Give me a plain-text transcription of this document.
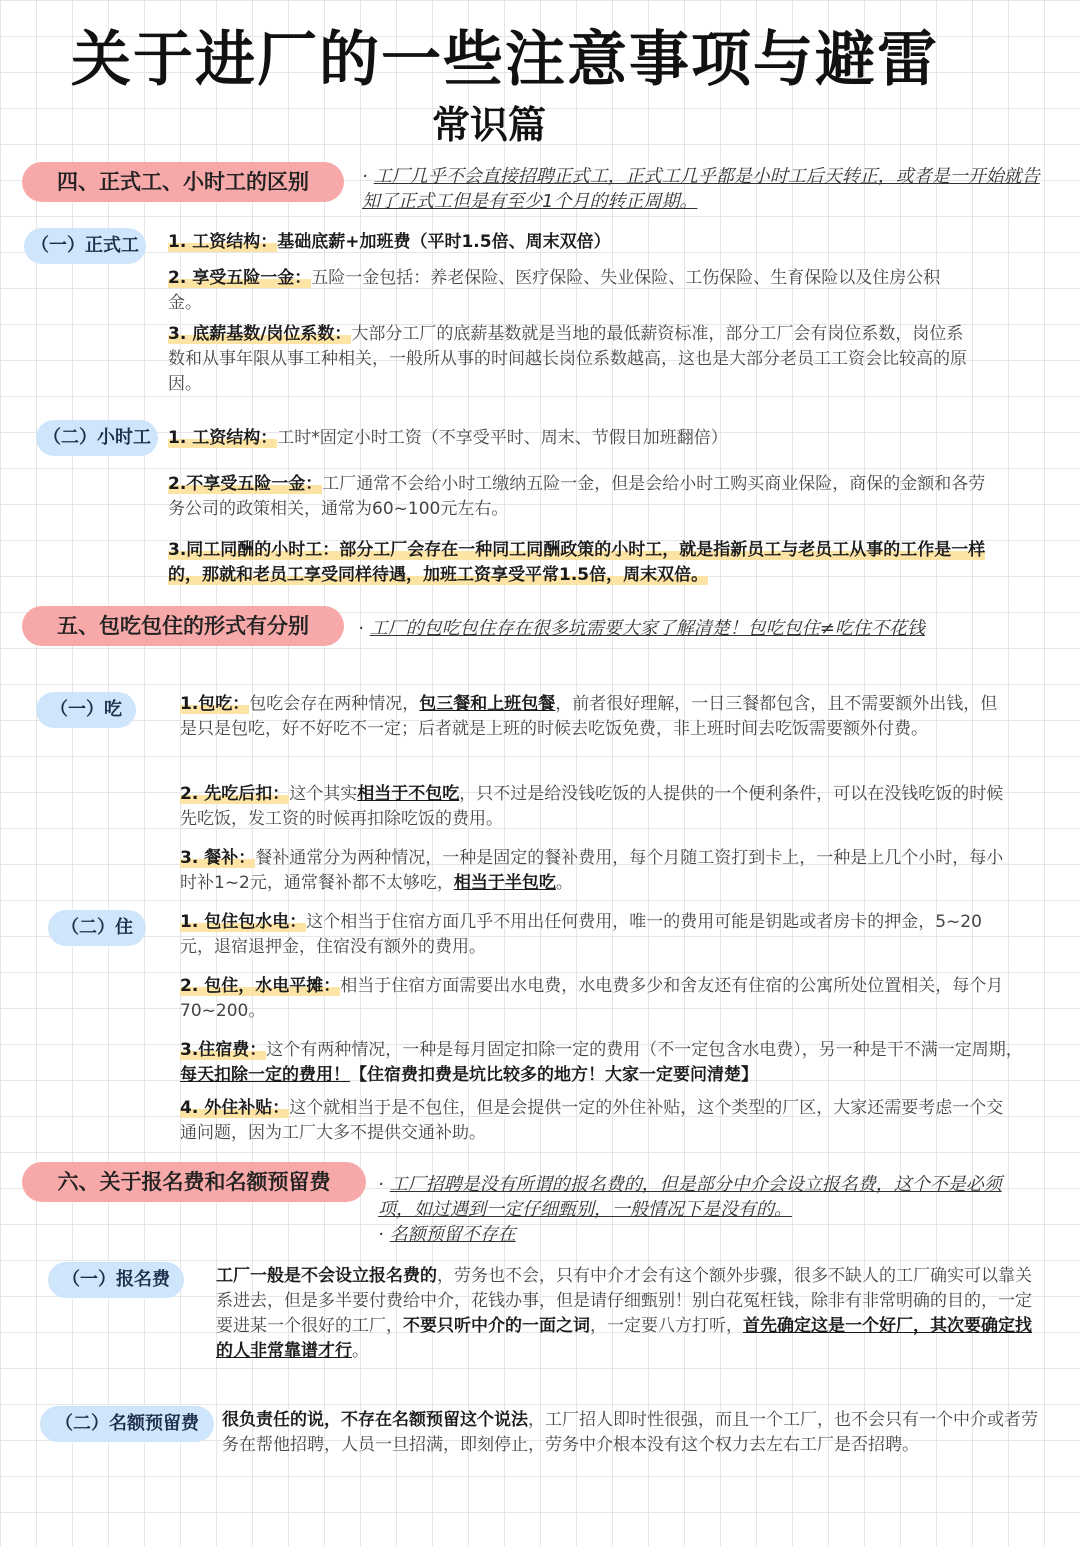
关于进厂的一些注意事项与避雷
常识篇
四、正式工、小时工的区别	· 工厂几乎不会直接招聘正式工，正式工几乎都是小时工后天转正，或者是一开始就告知了正式工但是有至少1个月的转正周期。
（一）正式工	1. 工资结构：基础底薪+加班费（平时1.5倍、周末双倍）
2. 享受五险一金：五险一金包括：养老保险、医疗保险、失业保险、工伤保险、生育保险以及住房公积金。
3. 底薪基数/岗位系数：大部分工厂的底薪基数就是当地的最低薪资标准，部分工厂会有岗位系数，岗位系数和从事年限从事工种相关，一般所从事的时间越长岗位系数越高，这也是大部分老员工工资会比较高的原因。
（二）小时工	1. 工资结构：工时*固定小时工资（不享受平时、周末、节假日加班翻倍）
2.不享受五险一金：工厂通常不会给小时工缴纳五险一金，但是会给小时工购买商业保险，商保的金额和各劳务公司的政策相关，通常为60~100元左右。
3.同工同酬的小时工：部分工厂会存在一种同工同酬政策的小时工，就是指新员工与老员工从事的工作是一样的，那就和老员工享受同样待遇，加班工资享受平常1.5倍，周末双倍。
五、包吃包住的形式有分别	· 工厂的包吃包住存在很多坑需要大家了解清楚！包吃包住≠吃住不花钱
（一）吃	1.包吃：包吃会存在两种情况，包三餐和上班包餐，前者很好理解，一日三餐都包含，且不需要额外出钱，但是只是包吃，好不好吃不一定；后者就是上班的时候去吃饭免费，非上班时间去吃饭需要额外付费。
2. 先吃后扣：这个其实相当于不包吃，只不过是给没钱吃饭的人提供的一个便利条件，可以在没钱吃饭的时候先吃饭，发工资的时候再扣除吃饭的费用。
3. 餐补：餐补通常分为两种情况，一种是固定的餐补费用，每个月随工资打到卡上，一种是上几个小时，每小时补1~2元，通常餐补都不太够吃，相当于半包吃。
（二）住	1. 包住包水电：这个相当于住宿方面几乎不用出任何费用，唯一的费用可能是钥匙或者房卡的押金，5~20元，退宿退押金，住宿没有额外的费用。
2. 包住，水电平摊：相当于住宿方面需要出水电费，水电费多少和舍友还有住宿的公寓所处位置相关，每个月70~200。
3.住宿费：这个有两种情况，一种是每月固定扣除一定的费用（不一定包含水电费），另一种是干不满一定周期，每天扣除一定的费用！【住宿费扣费是坑比较多的地方！大家一定要问清楚】
4. 外住补贴：这个就相当于是不包住，但是会提供一定的外住补贴，这个类型的厂区，大家还需要考虑一个交通问题，因为工厂大多不提供交通补助。
六、关于报名费和名额预留费	· 工厂招聘是没有所谓的报名费的，但是部分中介会设立报名费，这个不是必须项，如过遇到一定仔细甄别，一般情况下是没有的。
· 名额预留不存在
（一）报名费	工厂一般是不会设立报名费的，劳务也不会，只有中介才会有这个额外步骤，很多不缺人的工厂确实可以靠关系进去，但是多半要付费给中介，花钱办事，但是请仔细甄别！别白花冤枉钱，除非有非常明确的目的，一定要进某一个很好的工厂，不要只听中介的一面之词，一定要八方打听，首先确定这是一个好厂，其次要确定找的人非常靠谱才行。
（二）名额预留费	很负责任的说，不存在名额预留这个说法，工厂招人即时性很强，而且一个工厂，也不会只有一个中介或者劳务在帮他招聘，人员一旦招满，即刻停止，劳务中介根本没有这个权力去左右工厂是否招聘。
